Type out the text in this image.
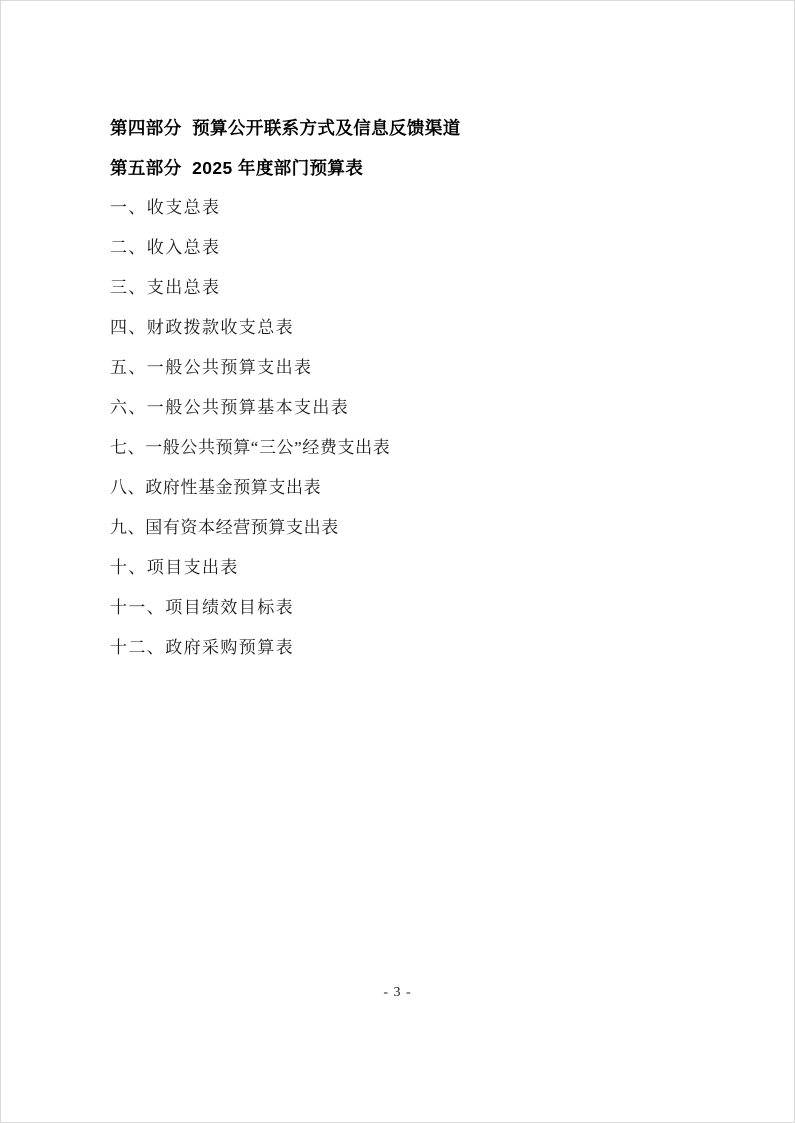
第四部分  预算公开联系方式及信息反馈渠道
第五部分  2025 年度部门预算表
一、收支总表
二、收入总表
三、支出总表
四、财政拨款收支总表
五、一般公共预算支出表
六、一般公共预算基本支出表
七、一般公共预算“三公”经费支出表
八、政府性基金预算支出表
九、国有资本经营预算支出表
十、项目支出表
十一、项目绩效目标表
十二、政府采购预算表
- 3 -
